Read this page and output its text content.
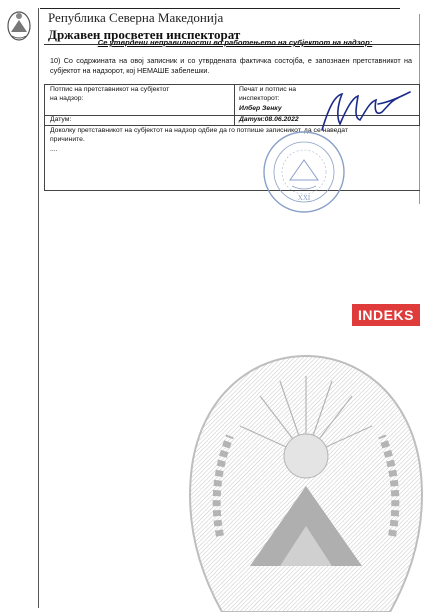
Република Северна Македонија
Државен просветен инспекторат
Се утврдени неправилности во работењето на субјектот на надзор:
10) Со содржината на овој записник и со утврдената фактичка состојба, е запознаен претставникот на субјектот на надзорот, кој НЕМАШЕ забелешки.
Потпис на претставникот на субјектот на надзор:
Печат и потпис на инспекторот:
Илбер Зенку
Датум:	Датум:08.06.2022
Доколку претставникот на субјектот на надзор одбие да го потпише записникот, да се наведат причините.
....
XXI
INDEKS
